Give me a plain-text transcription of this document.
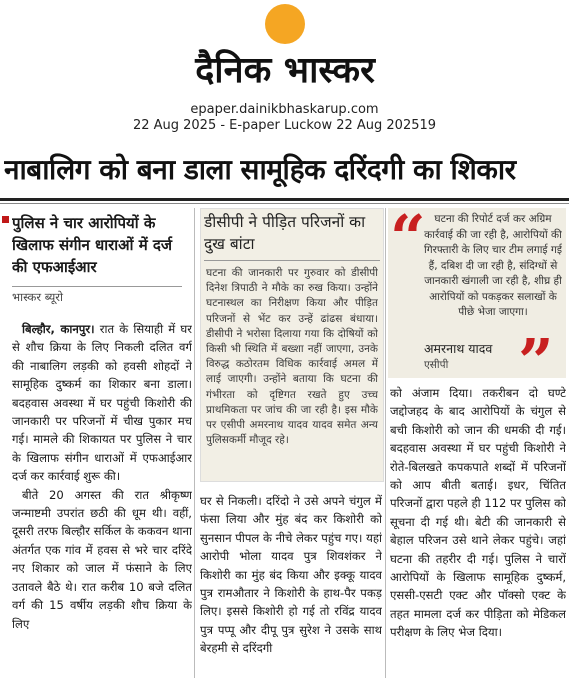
दैनिक भास्कर
epaper.dainikbhaskarup.com
22 Aug 2025 - E-paper Luckow 22 Aug 202519
नाबालिग को बना डाला सामूहिक दरिंदगी का शिकार
पुलिस ने चार आरोपियों के खिलाफ संगीन धाराओं में दर्ज की एफआईआर
भास्कर ब्यूरो

बिल्हौर, कानपुर। रात के सियाही में घर से शौच क्रिया के लिए निकली दलित वर्ग की नाबालिग लड़की को हवसी शोहदों ने सामूहिक दुष्कर्म का शिकार बना डाला। बदहवास अवस्था में घर पहुंची किशोरी की जानकारी पर परिजनों में चीख पुकार मच गई। मामले की शिकायत पर पुलिस ने चार के खिलाफ संगीन धाराओं में एफआईआर दर्ज कर कार्रवाई शुरू की।

बीते 20 अगस्त की रात श्रीकृष्ण जन्माष्टमी उपरांत छठी की धूम थी। वहीं, दूसरी तरफ बिल्हौर सर्किल के ककवन थाना अंतर्गत एक गांव में हवस से भरे चार दरिंदे नए शिकार को जाल में फंसाने के लिए उतावले बैठे थे। रात करीब 10 बजे दलित वर्ग की 15 वर्षीय लड़की शौच क्रिया के लिए

डीसीपी ने पीड़ित परिजनों का दुख बांटा
घटना की जानकारी पर गुरुवार को डीसीपी दिनेश त्रिपाठी ने मौके का रुख किया। उन्होंने घटनास्थल का निरीक्षण किया और पीड़ित परिजनों से भेंट कर उन्हें ढांढस बंधाया। डीसीपी ने भरोसा दिलाया गया कि दोषियों को किसी भी स्थिति में बख्शा नहीं जाएगा, उनके विरुद्ध कठोरतम विधिक कार्रवाई अमल में लाई जाएगी। उन्होंने बताया कि घटना की गंभीरता को दृष्टिगत रखते हुए उच्च प्राथमिकता पर जांच की जा रही है। इस मौके पर एसीपी अमरनाथ यादव यादव समेत अन्य पुलिसकर्मी मौजूद रहे।
घर से निकली। दरिंदो ने उसे अपने चंगुल में फंसा लिया और मुंह बंद कर किशोरी को सुनसान पीपल के नीचे लेकर पहुंच गए। यहां आरोपी भोला यादव पुत्र शिवशंकर ने किशोरी का मुंह बंद किया और इक्कू यादव पुत्र रामऔतार ने किशोरी के हाथ-पैर पकड़ लिए। इससे किशोरी हो गई तो रविंद्र यादव पुत्र पप्पू और दीपू पुत्र सुरेश ने उसके साथ बेरहमी से दरिंदगी
“ घटना की रिपोर्ट दर्ज कर अग्रिम कार्रवाई की जा रही है, आरोपियों की गिरफ्तारी के लिए चार टीम लगाई गई हैं, दबिश दी जा रही है, संदिग्धों से जानकारी खंगाली जा रही है, शीघ्र ही आरोपियों को पकड़कर सलाखों के पीछे भेजा जाएगा।
अमरनाथ यादव
एसीपी	”
को अंजाम दिया। तकरीबन दो घण्टे जद्दोजहद के बाद आरोपियों के चंगुल से बची किशोरी को जान की धमकी दी गई। बदहवास अवस्था में घर पहुंची किशोरी ने रोते-बिलखते कपकपाते शब्दों में परिजनों को आप बीती बताई। इधर, चिंतित परिजनों द्वारा पहले ही 112 पर पुलिस को सूचना दी गई थी। बेटी की जानकारी से बेहाल परिजन उसे थाने लेकर पहुंचे। जहां घटना की तहरीर दी गई। पुलिस ने चारों आरोपियों के खिलाफ सामूहिक दुष्कर्म, एससी-एसटी एक्ट और पॉक्सो एक्ट के तहत मामला दर्ज कर पीड़िता को मेडिकल परीक्षण के लिए भेज दिया।
